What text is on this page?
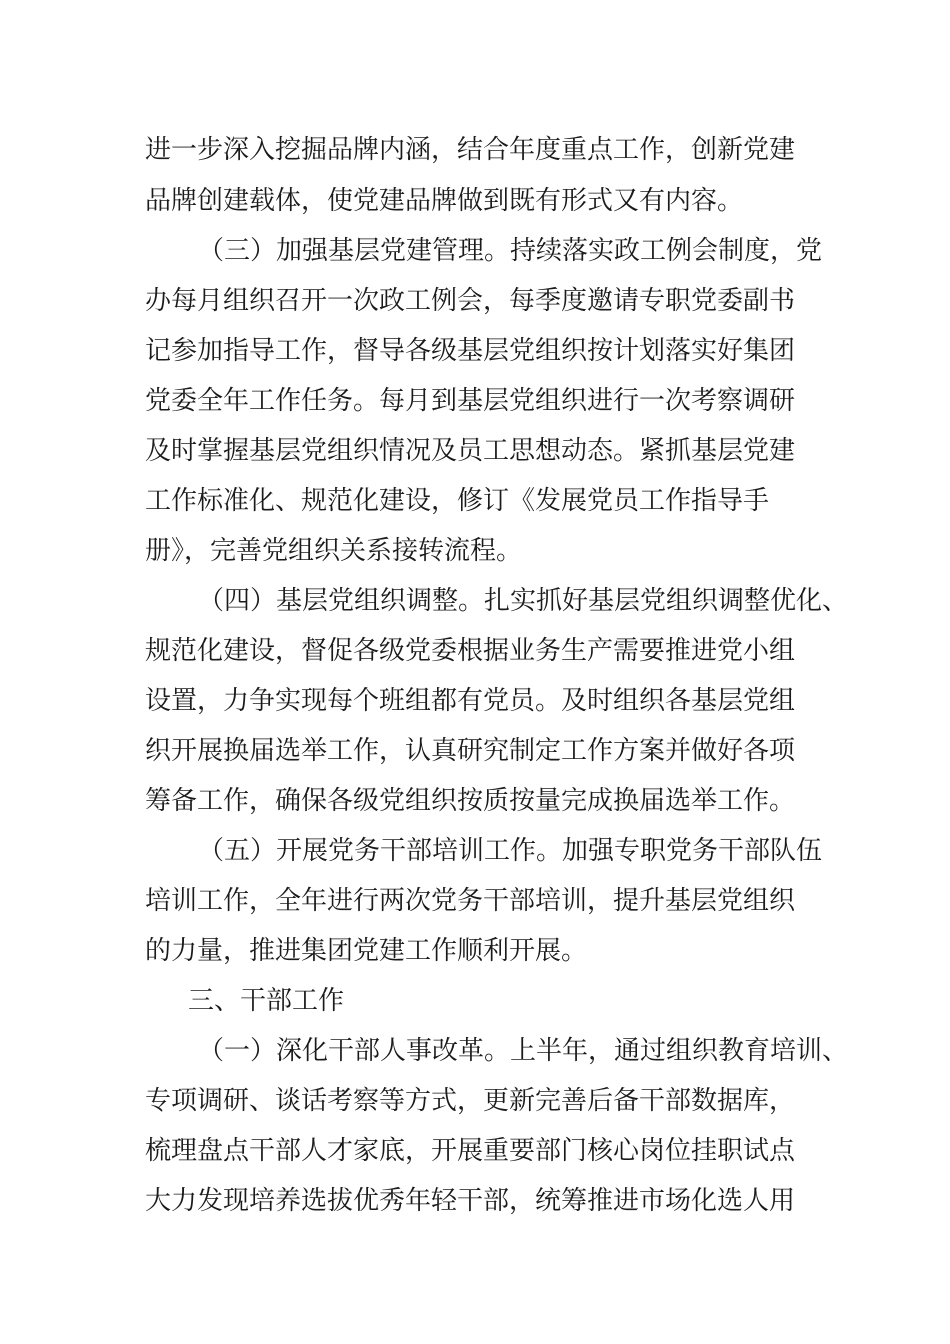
进一步深入挖掘品牌内涵，结合年度重点工作，创新党建
品牌创建载体，使党建品牌做到既有形式又有内容。
（三）加强基层党建管理。持续落实政工例会制度，党
办每月组织召开一次政工例会，每季度邀请专职党委副书
记参加指导工作，督导各级基层党组织按计划落实好集团
党委全年工作任务。每月到基层党组织进行一次考察调研
及时掌握基层党组织情况及员工思想动态。紧抓基层党建
工作标准化、规范化建设，修订《发展党员工作指导手
册》，完善党组织关系接转流程。
（四）基层党组织调整。扎实抓好基层党组织调整优化、
规范化建设，督促各级党委根据业务生产需要推进党小组
设置，力争实现每个班组都有党员。及时组织各基层党组
织开展换届选举工作，认真研究制定工作方案并做好各项
筹备工作，确保各级党组织按质按量完成换届选举工作。
（五）开展党务干部培训工作。加强专职党务干部队伍
培训工作，全年进行两次党务干部培训，提升基层党组织
的力量，推进集团党建工作顺利开展。
三、干部工作
（一）深化干部人事改革。上半年，通过组织教育培训、
专项调研、谈话考察等方式，更新完善后备干部数据库，
梳理盘点干部人才家底，开展重要部门核心岗位挂职试点
大力发现培养选拔优秀年轻干部，统筹推进市场化选人用
